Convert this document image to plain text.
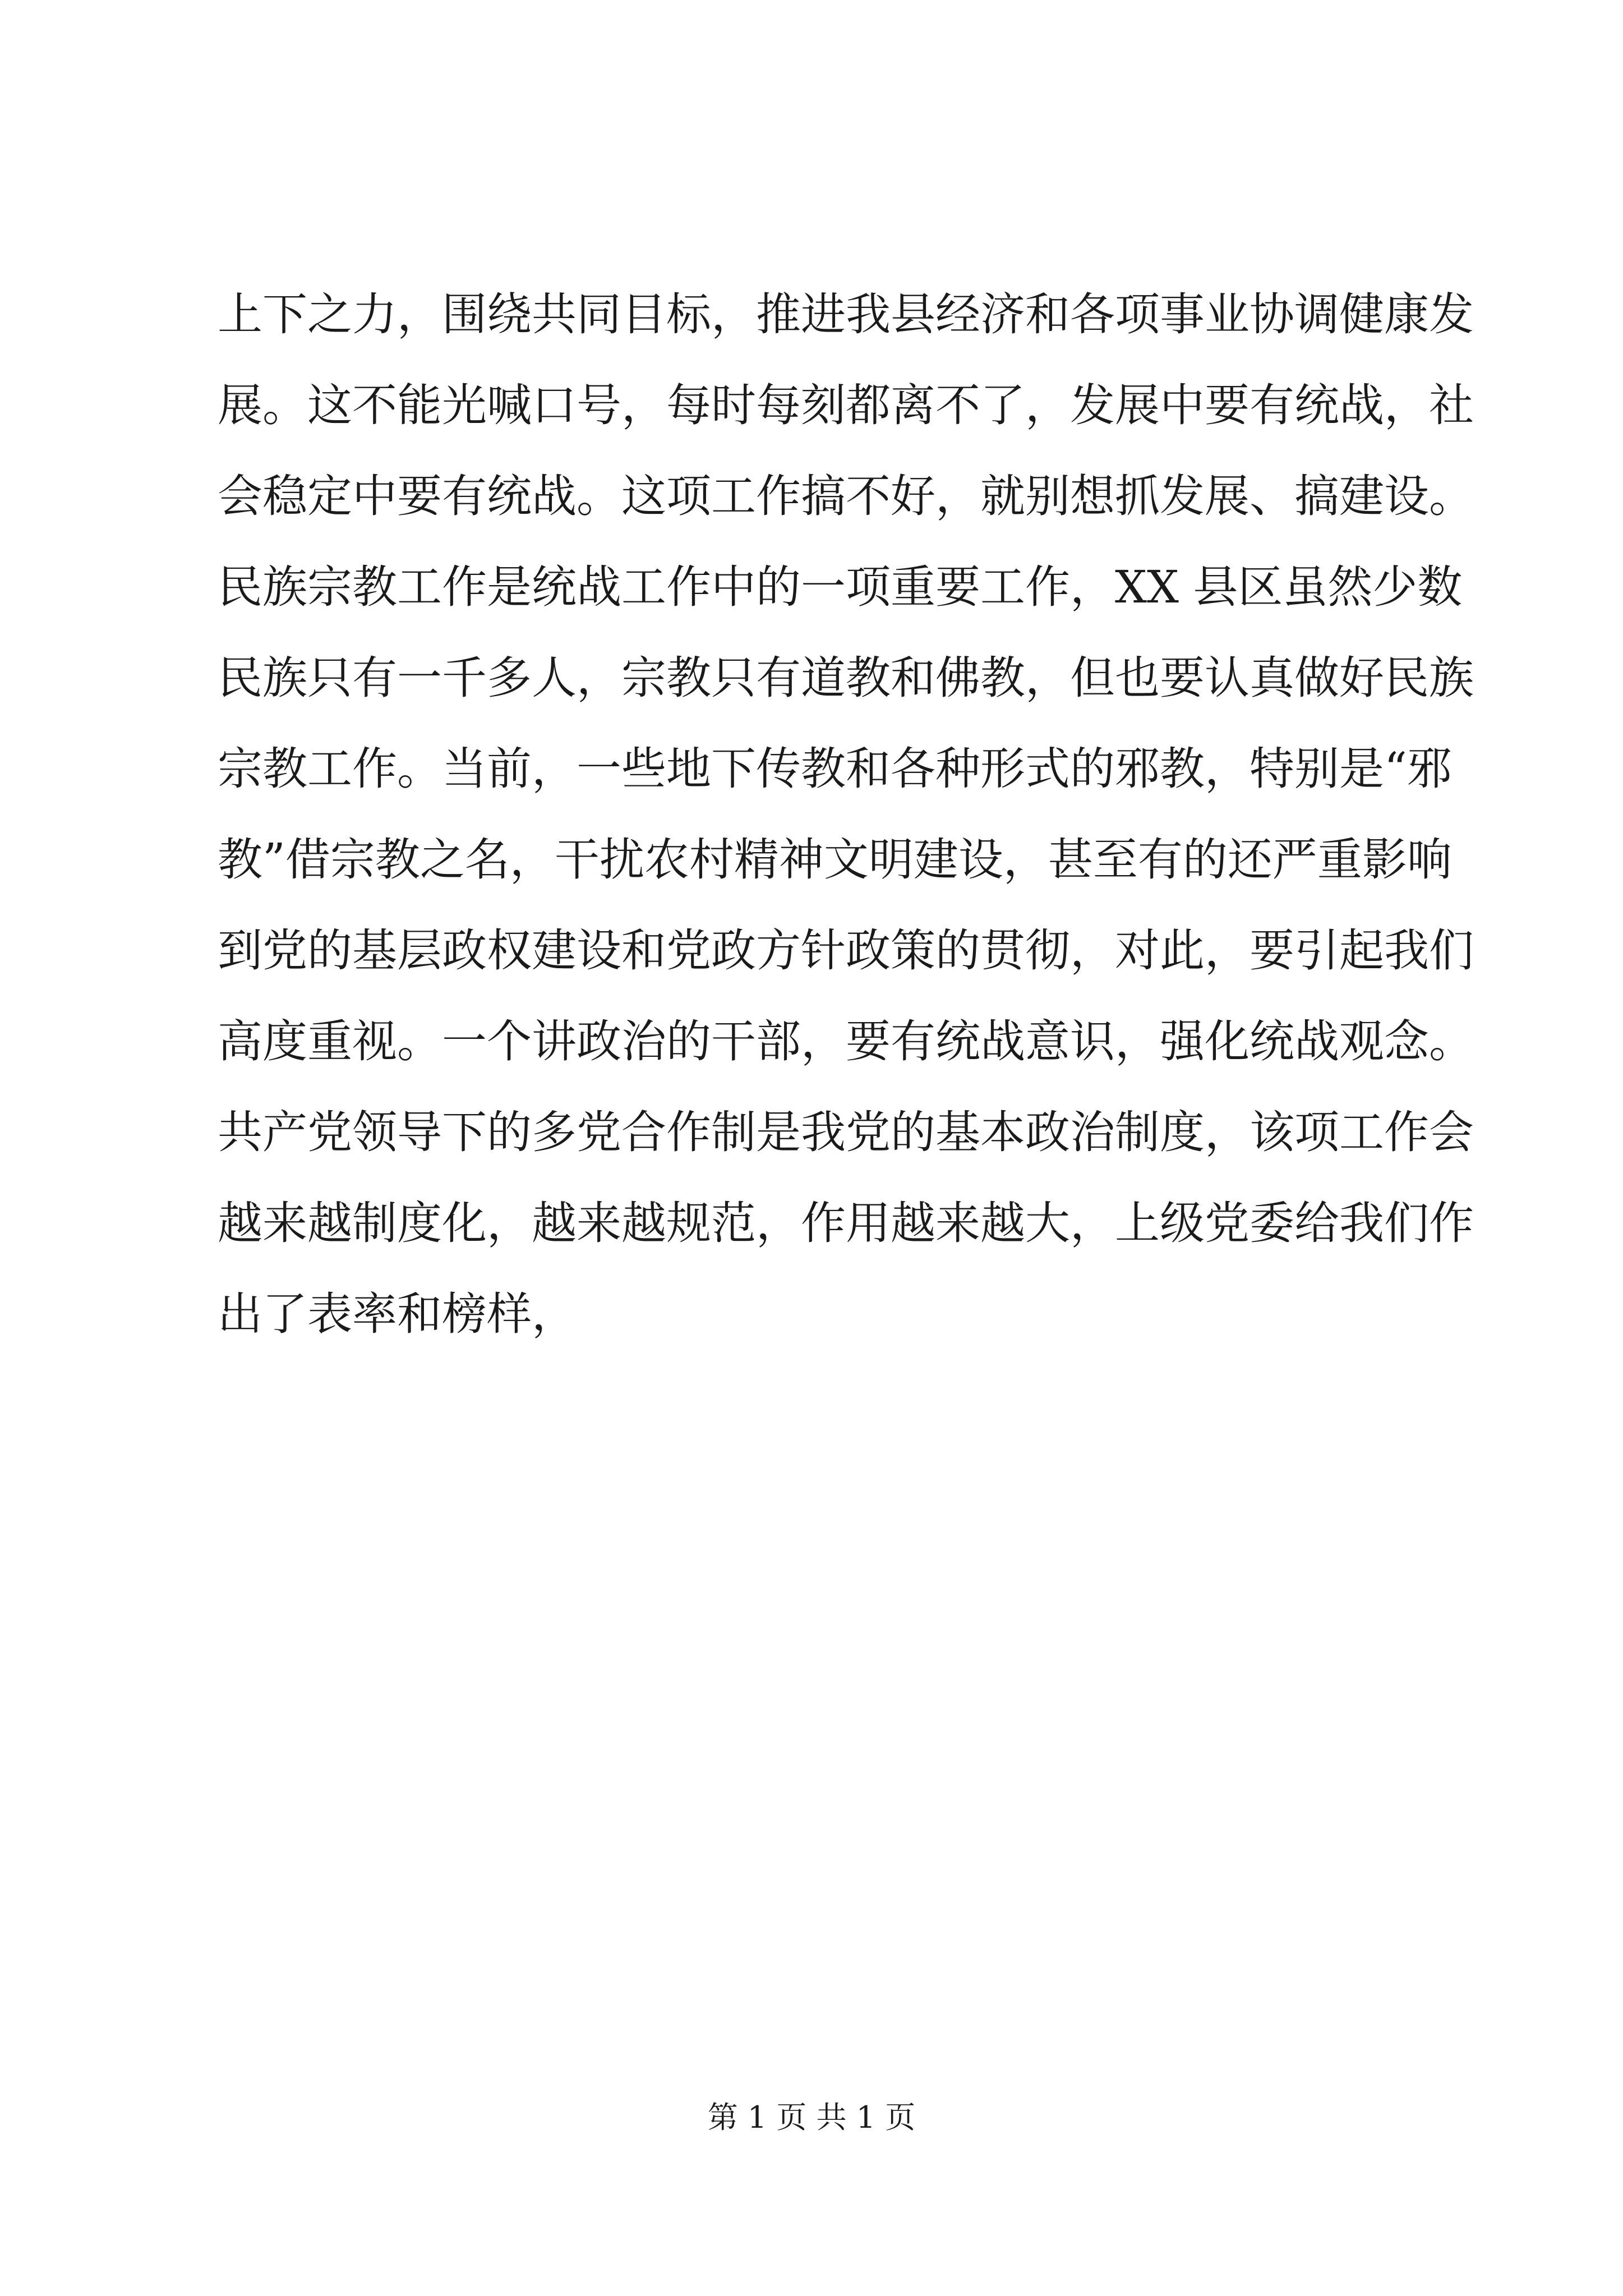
上下之力，围绕共同目标，推进我县经济和各项事业协调健康发
展。这不能光喊口号，每时每刻都离不了，发展中要有统战，社
会稳定中要有统战。这项工作搞不好，就别想抓发展、搞建设。
民族宗教工作是统战工作中的一项重要工作，XX 县区虽然少数
民族只有一千多人，宗教只有道教和佛教，但也要认真做好民族
宗教工作。当前，一些地下传教和各种形式的邪教，特别是“邪
教”借宗教之名，干扰农村精神文明建设，甚至有的还严重影响
到党的基层政权建设和党政方针政策的贯彻，对此，要引起我们
高度重视。一个讲政治的干部，要有统战意识，强化统战观念。
共产党领导下的多党合作制是我党的基本政治制度，该项工作会
越来越制度化，越来越规范，作用越来越大，上级党委给我们作
出了表率和榜样，
第 1 页 共 1 页
